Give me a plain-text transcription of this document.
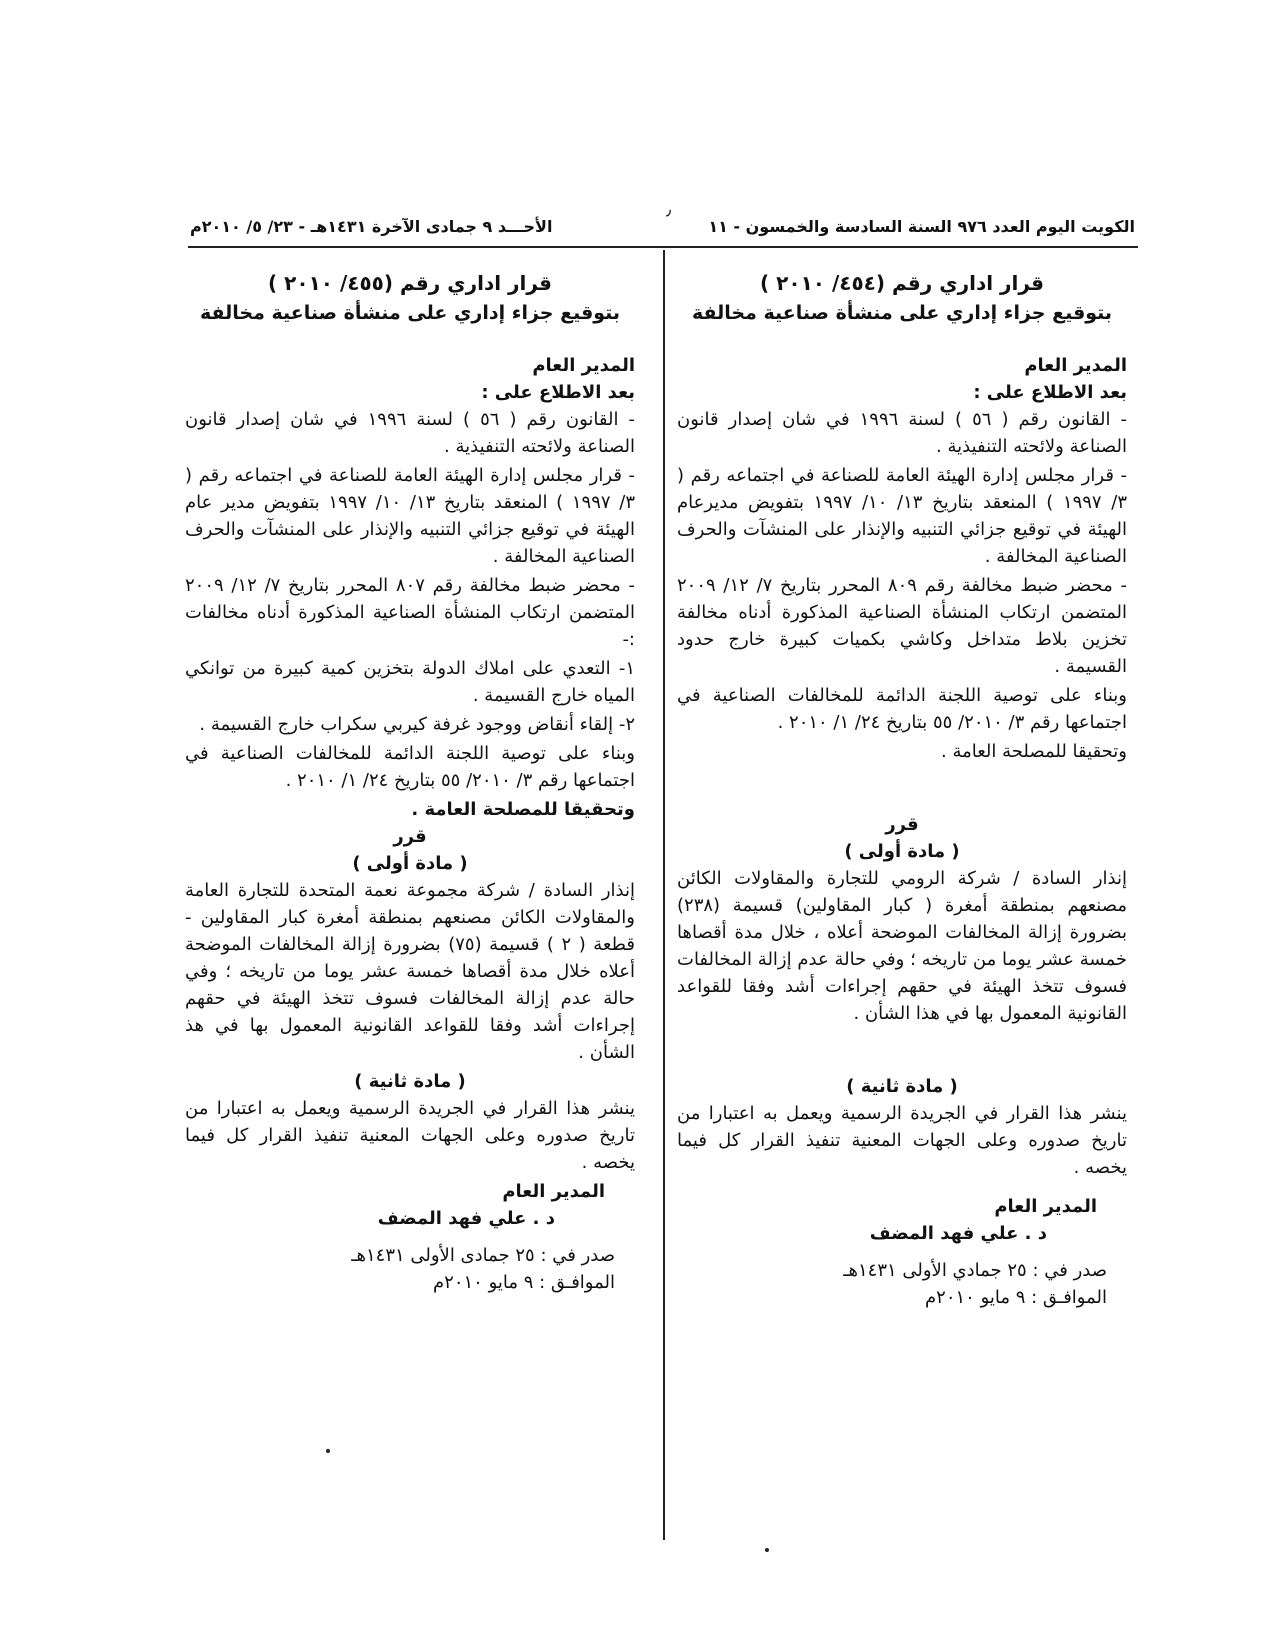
الكويت اليوم العدد ٩٧٦ السنة السادسة والخمسون - ١١
٫
الأحـــد ٩ جمادى الآخرة ١٤٣١هـ - ٢٣/ ٥/ ٢٠١٠م

قرار اداري رقم (٤٥٤/ ٢٠١٠ )

بتوقيع جزاء إداري على منشأة صناعية مخالفة

المدير العام

بعد الاطلاع على :

- القانون رقم ( ٥٦ ) لسنة ١٩٩٦ في شان إصدار قانون الصناعة ولائحته التنفيذية .

- قرار مجلس إدارة الهيئة العامة للصناعة في اجتماعه رقم ( ٣/ ١٩٩٧ ) المنعقد بتاريخ ١٣/ ١٠/ ١٩٩٧ بتفويض مديرعام الهيئة في توقيع جزائي التنبيه والإنذار على المنشآت والحرف الصناعية المخالفة .

- محضر ضبط مخالفة رقم ٨٠٩ المحرر بتاريخ ٧/ ١٢/ ٢٠٠٩ المتضمن ارتكاب المنشأة الصناعية المذكورة أدناه مخالفة تخزين بلاط متداخل وكاشي بكميات كبيرة خارج حدود القسيمة .

وبناء على توصية اللجنة الدائمة للمخالفات الصناعية في اجتماعها رقم ٣/ ٢٠١٠/ ٥٥ بتاريخ ٢٤/ ١/ ٢٠١٠ .

وتحقيقا للمصلحة العامة .

قرر

( مادة أولى )

إنذار السادة / شركة الرومي للتجارة والمقاولات الكائن مصنعهم بمنطقة أمغرة ( كبار المقاولين) قسيمة (٢٣٨) بضرورة إزالة المخالفات الموضحة أعلاه ، خلال مدة أقصاها خمسة عشر يوما من تاريخه ؛ وفي حالة عدم إزالة المخالفات فسوف تتخذ الهيئة في حقهم إجراءات أشد وفقا للقواعد القانونية المعمول بها في هذا الشأن .

( مادة ثانية )

ينشر هذا القرار في الجريدة الرسمية ويعمل به اعتبارا من تاريخ صدوره وعلى الجهات المعنية تنفيذ القرار كل فيما يخصه .

المدير العام

د . علي فهد المضف

صدر في : ٢٥ جمادي الأولى ١٤٣١هـ

الموافـق : ٩ مايو ٢٠١٠م

قرار اداري رقم (٤٥٥/ ٢٠١٠ )

بتوقيع جزاء إداري على منشأة صناعية مخالفة

المدير العام

بعد الاطلاع على :

- القانون رقم ( ٥٦ ) لسنة ١٩٩٦ في شان إصدار قانون الصناعة ولائحته التنفيذية .

- قرار مجلس إدارة الهيئة العامة للصناعة في اجتماعه رقم ( ٣/ ١٩٩٧ ) المنعقد بتاريخ ١٣/ ١٠/ ١٩٩٧ بتفويض مدير عام الهيئة في توقيع جزائي التنبيه والإنذار على المنشآت والحرف الصناعية المخالفة .

- محضر ضبط مخالفة رقم ٨٠٧ المحرر بتاريخ ٧/ ١٢/ ٢٠٠٩ المتضمن ارتكاب المنشأة الصناعية المذكورة أدناه مخالفات :-

١- التعدي على املاك الدولة بتخزين كمية كبيرة من توانكي المياه خارج القسيمة .

٢- إلقاء أنقاض ووجود غرفة كيربي سكراب خارج القسيمة .

وبناء على توصية اللجنة الدائمة للمخالفات الصناعية في اجتماعها رقم ٣/ ٢٠١٠/ ٥٥ بتاريخ ٢٤/ ١/ ٢٠١٠ .

وتحقيقا للمصلحة العامة .

قرر

( مادة أولى )

إنذار السادة / شركة مجموعة نعمة المتحدة للتجارة العامة والمقاولات الكائن مصنعهم بمنطقة أمغرة كبار المقاولين - قطعة ( ٢ ) قسيمة (٧٥) بضرورة إزالة المخالفات الموضحة أعلاه خلال مدة أقصاها خمسة عشر يوما من تاريخه ؛ وفي حالة عدم إزالة المخالفات فسوف تتخذ الهيئة في حقهم إجراءات أشد وفقا للقواعد القانونية المعمول بها في هذ الشأن .

( مادة ثانية )

ينشر هذا القرار في الجريدة الرسمية ويعمل به اعتبارا من تاريخ صدوره وعلى الجهات المعنية تنفيذ القرار كل فيما يخصه .

المدير العام

د . علي فهد المضف

صدر في : ٢٥ جمادى الأولى ١٤٣١هـ

الموافـق : ٩ مايو ٢٠١٠م
